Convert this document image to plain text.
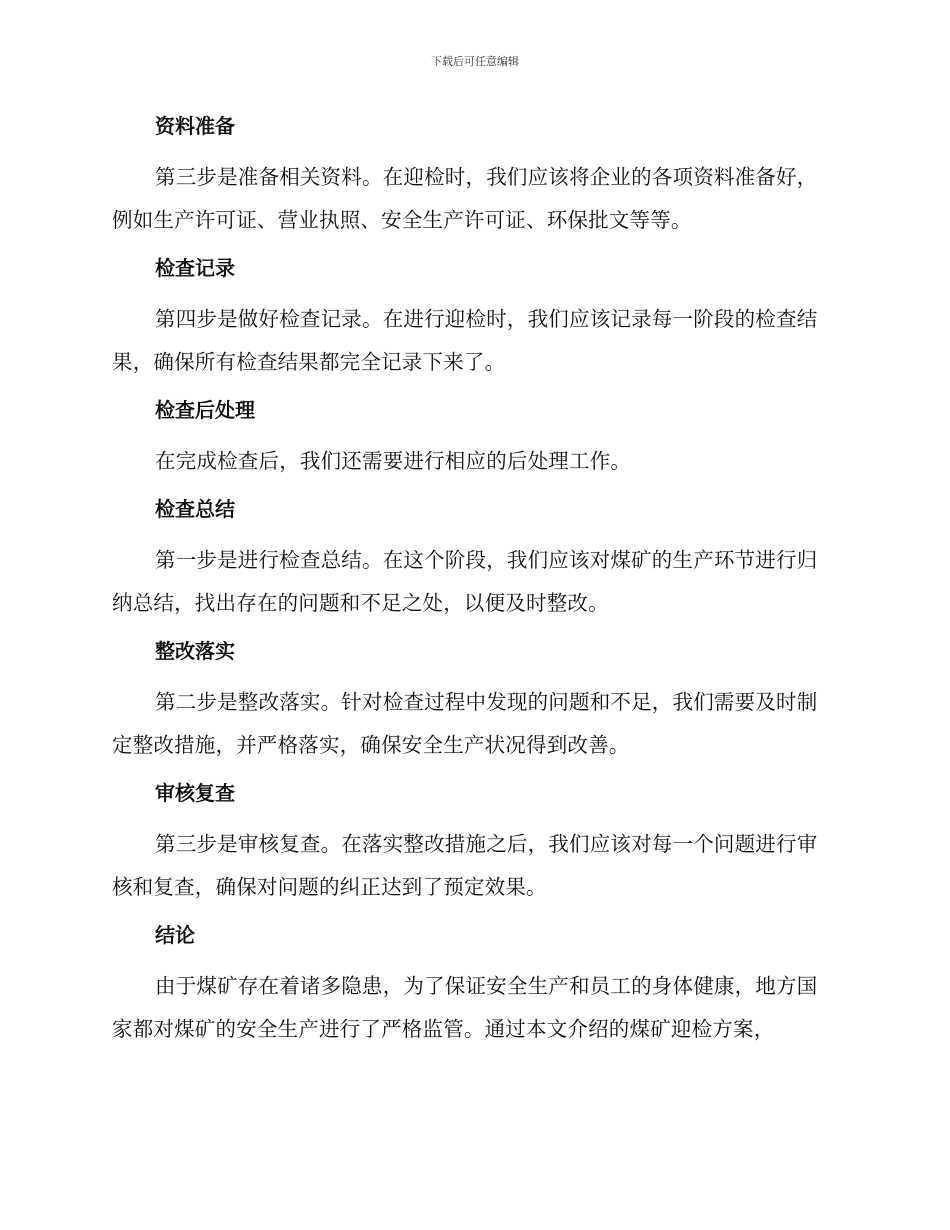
下载后可任意编辑
资料准备

第三步是准备相关资料。在迎检时，我们应该将企业的各项资料准备好，例如生产许可证、营业执照、安全生产许可证、环保批文等等。

检查记录

第四步是做好检查记录。在进行迎检时，我们应该记录每一阶段的检查结果，确保所有检查结果都完全记录下来了。

检查后处理

在完成检查后，我们还需要进行相应的后处理工作。

检查总结

第一步是进行检查总结。在这个阶段，我们应该对煤矿的生产环节进行归纳总结，找出存在的问题和不足之处，以便及时整改。

整改落实

第二步是整改落实。针对检查过程中发现的问题和不足，我们需要及时制定整改措施，并严格落实，确保安全生产状况得到改善。

审核复查

第三步是审核复查。在落实整改措施之后，我们应该对每一个问题进行审核和复查，确保对问题的纠正达到了预定效果。

结论

由于煤矿存在着诸多隐患，为了保证安全生产和员工的身体健康，地方国家都对煤矿的安全生产进行了严格监管。通过本文介绍的煤矿迎检方案，
